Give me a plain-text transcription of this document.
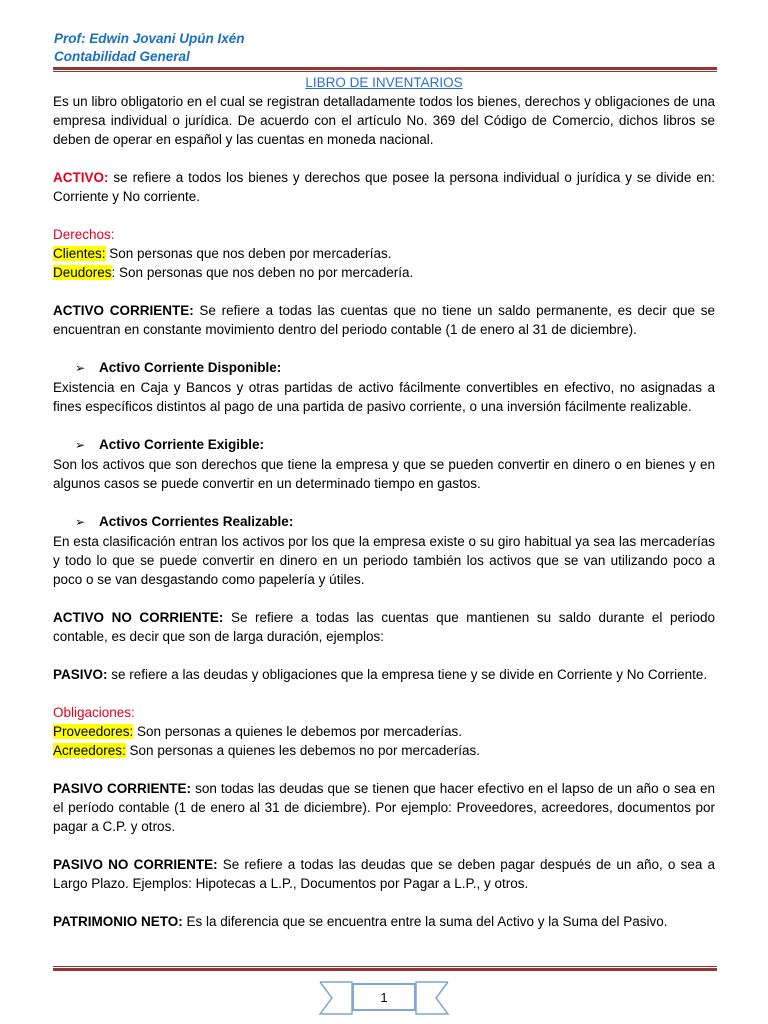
Prof: Edwin Jovani Upún Ixén
Contabilidad General

LIBRO DE INVENTARIOS

Es un libro obligatorio en el cual se registran detalladamente todos los bienes, derechos y obligaciones de una empresa individual o jurídica. De acuerdo con el artículo No. 369 del Código de Comercio, dichos libros se deben de operar en español y las cuentas en moneda nacional.

ACTIVO: se refiere a todos los bienes y derechos que posee la persona individual o jurídica y se divide en: Corriente y No corriente.

Derechos:

Clientes: Son personas que nos deben por mercaderías.

Deudores: Son personas que nos deben no por mercadería.

ACTIVO CORRIENTE: Se refiere a todas las cuentas que no tiene un saldo permanente, es decir que se encuentran en constante movimiento dentro del periodo contable (1 de enero al 31 de diciembre).

➢ Activo Corriente Disponible:

Existencia en Caja y Bancos y otras partidas de activo fácilmente convertibles en efectivo, no asignadas a fines específicos distintos al pago de una partida de pasivo corriente, o una inversión fácilmente realizable.

➢ Activo Corriente Exigible:

Son los activos que son derechos que tiene la empresa y que se pueden convertir en dinero o en bienes y en algunos casos se puede convertir en un determinado tiempo en gastos.

➢ Activos Corrientes Realizable:

En esta clasificación entran los activos por los que la empresa existe o su giro habitual ya sea las mercaderías y todo lo que se puede convertir en dinero en un periodo también los activos que se van utilizando poco a poco o se van desgastando como papelería y útiles.

ACTIVO NO CORRIENTE: Se refiere a todas las cuentas que mantienen su saldo durante el periodo contable, es decir que son de larga duración, ejemplos:

PASIVO: se refiere a las deudas y obligaciones que la empresa tiene y se divide en Corriente y No Corriente.

Obligaciones:

Proveedores: Son personas a quienes le debemos por mercaderías.

Acreedores: Son personas a quienes les debemos no por mercaderías.

PASIVO CORRIENTE: son todas las deudas que se tienen que hacer efectivo en el lapso de un año o sea en el período contable (1 de enero al 31 de diciembre). Por ejemplo: Proveedores, acreedores, documentos por pagar a C.P. y otros.

PASIVO NO CORRIENTE: Se refiere a todas las deudas que se deben pagar después de un año, o sea a Largo Plazo. Ejemplos: Hipotecas a L.P., Documentos por Pagar a L.P., y otros.

PATRIMONIO NETO: Es la diferencia que se encuentra entre la suma del Activo y la Suma del Pasivo.

1
